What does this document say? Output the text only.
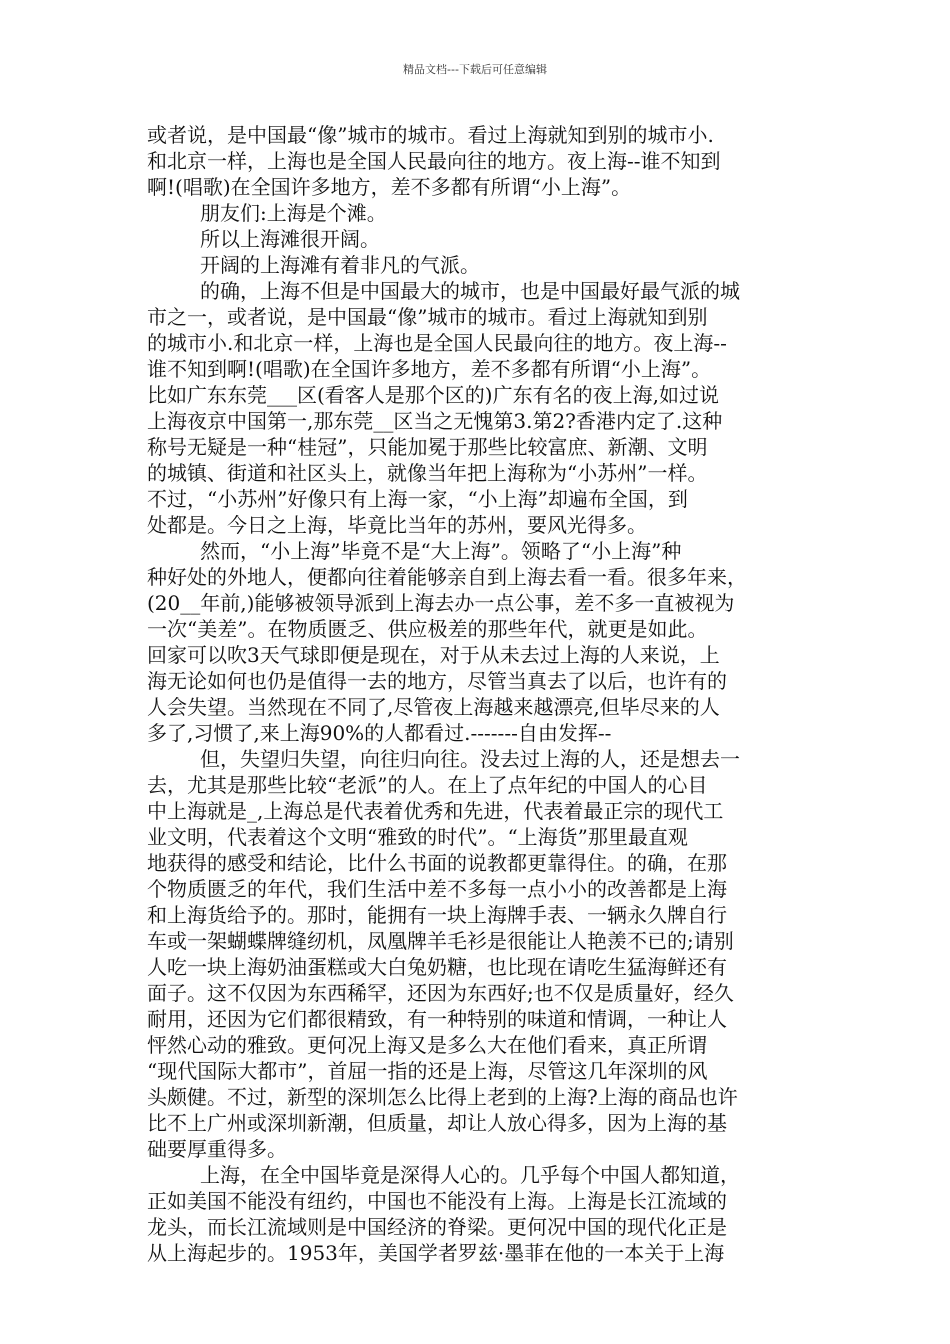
精品文档---下载后可任意编辑
或者说，是中国最“像”城市的城市。看过上海就知到别的城市小.
和北京一样，上海也是全国人民最向往的地方。夜上海--谁不知到
啊!(唱歌)在全国许多地方，差不多都有所谓“小上海”。
朋友们:上海是个滩。
所以上海滩很开阔。
开阔的上海滩有着非凡的气派。
的确，上海不但是中国最大的城市，也是中国最好最气派的城
市之一，或者说，是中国最“像”城市的城市。看过上海就知到别
的城市小.和北京一样，上海也是全国人民最向往的地方。夜上海--
谁不知到啊!(唱歌)在全国许多地方，差不多都有所谓“小上海”。
比如广东东莞___区(看客人是那个区的)广东有名的夜上海,如过说
上海夜京中国第一,那东莞__区当之无愧第3.第2?香港内定了.这种
称号无疑是一种“桂冠”，只能加冕于那些比较富庶、新潮、文明
的城镇、街道和社区头上，就像当年把上海称为“小苏州”一样。
不过，“小苏州”好像只有上海一家，“小上海”却遍布全国，到
处都是。今日之上海，毕竟比当年的苏州，要风光得多。
然而，“小上海”毕竟不是“大上海”。领略了“小上海”种
种好处的外地人，便都向往着能够亲自到上海去看一看。很多年来，
(20__年前,)能够被领导派到上海去办一点公事，差不多一直被视为
一次“美差”。在物质匮乏、供应极差的那些年代，就更是如此。
回家可以吹3天气球即便是现在，对于从未去过上海的人来说，上
海无论如何也仍是值得一去的地方，尽管当真去了以后，也许有的
人会失望。当然现在不同了,尽管夜上海越来越漂亮,但毕尽来的人
多了,习惯了,来上海90%的人都看过.-------自由发挥--
但，失望归失望，向往归向往。没去过上海的人，还是想去一
去，尤其是那些比较“老派”的人。在上了点年纪的中国人的心目
中上海就是_,上海总是代表着优秀和先进，代表着最正宗的现代工
业文明，代表着这个文明“雅致的时代”。“上海货”那里最直观
地获得的感受和结论，比什么书面的说教都更靠得住。的确，在那
个物质匮乏的年代，我们生活中差不多每一点小小的改善都是上海
和上海货给予的。那时，能拥有一块上海牌手表、一辆永久牌自行
车或一架蝴蝶牌缝纫机，凤凰牌羊毛衫是很能让人艳羡不已的;请别
人吃一块上海奶油蛋糕或大白兔奶糖，也比现在请吃生猛海鲜还有
面子。这不仅因为东西稀罕，还因为东西好;也不仅是质量好，经久
耐用，还因为它们都很精致，有一种特别的味道和情调，一种让人
怦然心动的雅致。更何况上海又是多么大在他们看来，真正所谓
“现代国际大都市”，首屈一指的还是上海，尽管这几年深圳的风
头颇健。不过，新型的深圳怎么比得上老到的上海?上海的商品也许
比不上广州或深圳新潮，但质量，却让人放心得多，因为上海的基
础要厚重得多。
上海，在全中国毕竟是深得人心的。几乎每个中国人都知道，
正如美国不能没有纽约，中国也不能没有上海。上海是长江流域的
龙头，而长江流域则是中国经济的脊梁。更何况中国的现代化正是
从上海起步的。1953年，美国学者罗兹·墨菲在他的一本关于上海
